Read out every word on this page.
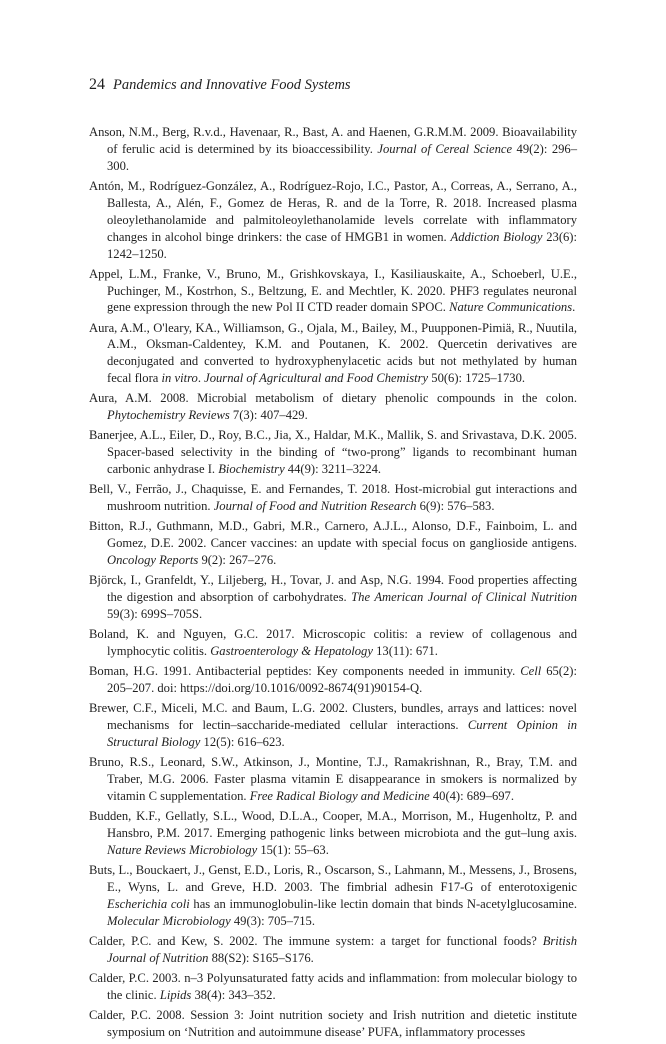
24 Pandemics and Innovative Food Systems
Anson, N.M., Berg, R.v.d., Havenaar, R., Bast, A. and Haenen, G.R.M.M. 2009. Bioavailability of ferulic acid is determined by its bioaccessibility. Journal of Cereal Science 49(2): 296–300.
Antón, M., Rodríguez-González, A., Rodríguez-Rojo, I.C., Pastor, A., Correas, A., Serrano, A., Ballesta, A., Alén, F., Gomez de Heras, R. and de la Torre, R. 2018. Increased plasma oleoylethanolamide and palmitoleoylethanolamide levels correlate with inflammatory changes in alcohol binge drinkers: the case of HMGB1 in women. Addiction Biology 23(6): 1242–1250.
Appel, L.M., Franke, V., Bruno, M., Grishkovskaya, I., Kasiliauskaite, A., Schoeberl, U.E., Puchinger, M., Kostrhon, S., Beltzung, E. and Mechtler, K. 2020. PHF3 regulates neuronal gene expression through the new Pol II CTD reader domain SPOC. Nature Communications.
Aura, A.M., O'leary, KA., Williamson, G., Ojala, M., Bailey, M., Puupponen-Pimiä, R., Nuutila, A.M., Oksman-Caldentey, K.M. and Poutanen, K. 2002. Quercetin derivatives are deconjugated and converted to hydroxyphenylacetic acids but not methylated by human fecal flora in vitro. Journal of Agricultural and Food Chemistry 50(6): 1725–1730.
Aura, A.M. 2008. Microbial metabolism of dietary phenolic compounds in the colon. Phytochemistry Reviews 7(3): 407–429.
Banerjee, A.L., Eiler, D., Roy, B.C., Jia, X., Haldar, M.K., Mallik, S. and Srivastava, D.K. 2005. Spacer-based selectivity in the binding of “two-prong” ligands to recombinant human carbonic anhydrase I. Biochemistry 44(9): 3211–3224.
Bell, V., Ferrão, J., Chaquisse, E. and Fernandes, T. 2018. Host-microbial gut interactions and mushroom nutrition. Journal of Food and Nutrition Research 6(9): 576–583.
Bitton, R.J., Guthmann, M.D., Gabri, M.R., Carnero, A.J.L., Alonso, D.F., Fainboim, L. and Gomez, D.E. 2002. Cancer vaccines: an update with special focus on ganglioside antigens. Oncology Reports 9(2): 267–276.
Björck, I., Granfeldt, Y., Liljeberg, H., Tovar, J. and Asp, N.G. 1994. Food properties affecting the digestion and absorption of carbohydrates. The American Journal of Clinical Nutrition 59(3): 699S–705S.
Boland, K. and Nguyen, G.C. 2017. Microscopic colitis: a review of collagenous and lymphocytic colitis. Gastroenterology & Hepatology 13(11): 671.
Boman, H.G. 1991. Antibacterial peptides: Key components needed in immunity. Cell 65(2): 205–207. doi: https://doi.org/10.1016/0092-8674(91)90154-Q.
Brewer, C.F., Miceli, M.C. and Baum, L.G. 2002. Clusters, bundles, arrays and lattices: novel mechanisms for lectin–saccharide-mediated cellular interactions. Current Opinion in Structural Biology 12(5): 616–623.
Bruno, R.S., Leonard, S.W., Atkinson, J., Montine, T.J., Ramakrishnan, R., Bray, T.M. and Traber, M.G. 2006. Faster plasma vitamin E disappearance in smokers is normalized by vitamin C supplementation. Free Radical Biology and Medicine 40(4): 689–697.
Budden, K.F., Gellatly, S.L., Wood, D.L.A., Cooper, M.A., Morrison, M., Hugenholtz, P. and Hansbro, P.M. 2017. Emerging pathogenic links between microbiota and the gut–lung axis. Nature Reviews Microbiology 15(1): 55–63.
Buts, L., Bouckaert, J., Genst, E.D., Loris, R., Oscarson, S., Lahmann, M., Messens, J., Brosens, E., Wyns, L. and Greve, H.D. 2003. The fimbrial adhesin F17-G of enterotoxigenic Escherichia coli has an immunoglobulin-like lectin domain that binds N-acetylglucosamine. Molecular Microbiology 49(3): 705–715.
Calder, P.C. and Kew, S. 2002. The immune system: a target for functional foods? British Journal of Nutrition 88(S2): S165–S176.
Calder, P.C. 2003. n–3 Polyunsaturated fatty acids and inflammation: from molecular biology to the clinic. Lipids 38(4): 343–352.
Calder, P.C. 2008. Session 3: Joint nutrition society and Irish nutrition and dietetic institute symposium on ‘Nutrition and autoimmune disease’ PUFA, inflammatory processes
